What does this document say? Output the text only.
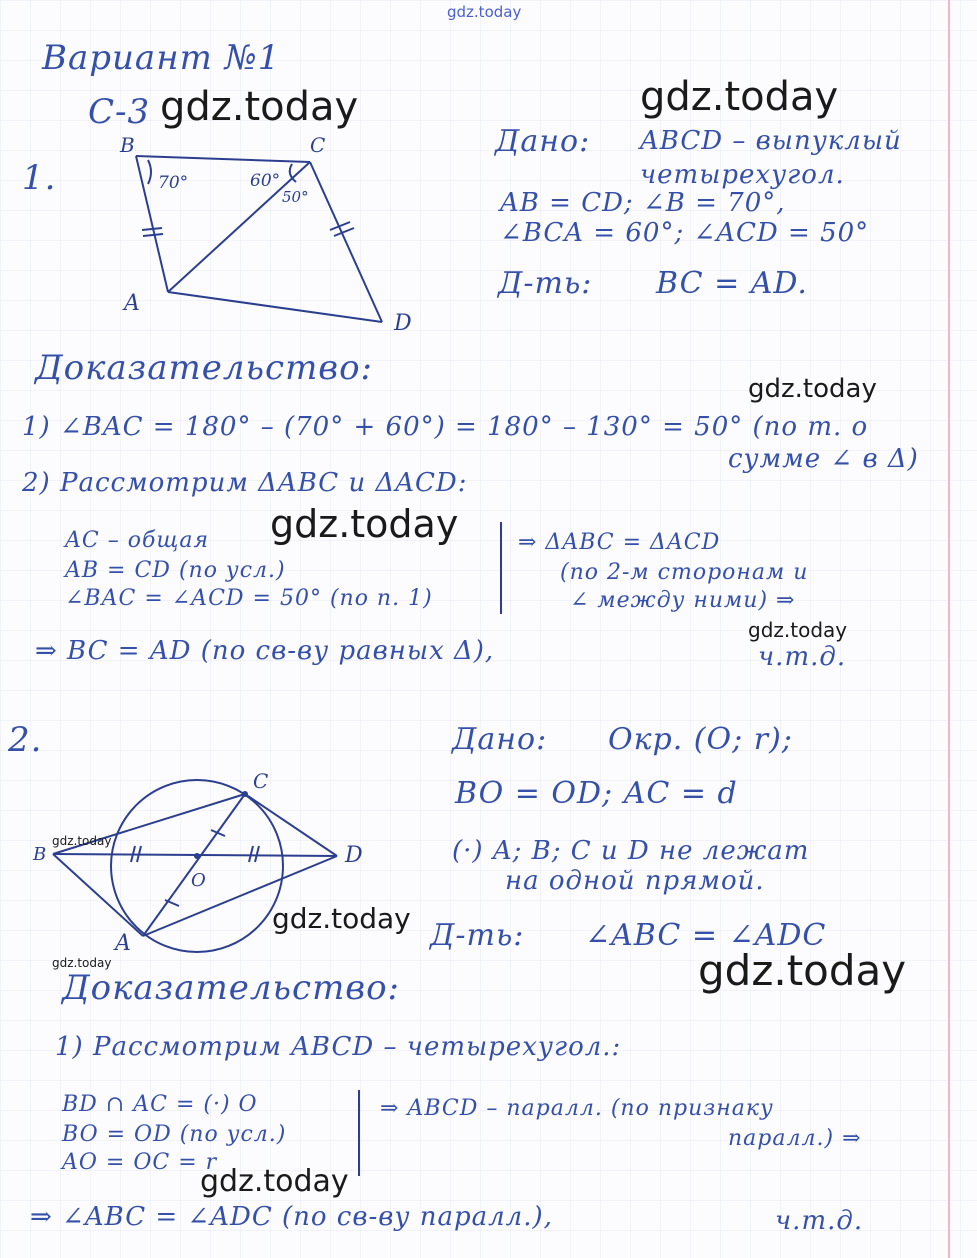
gdz.today
Вариант №1
С-3
1.
B	C
A
D
70°	60°
50°
Дано: ABCD – выпуклый
четырехугол.
AB = CD; ∠B = 70°,
∠BCA = 60°; ∠ACD = 50°
Д-ть: BC = AD.
Доказательство:
1) ∠BAC = 180° – (70° + 60°) = 180° – 130° = 50° (по т. о
сумме ∠ в Δ)
2) Рассмотрим ΔABC и ΔACD:
AC – общая
AB = CD (по усл.)
∠BAC = ∠ACD = 50° (по п. 1)
⇒ ΔABC = ΔACD
(по 2-м сторонам и
∠ между ними) ⇒
⇒ BC = AD (по св-ву равных Δ),	ч.т.д.
2.
B
C
A
D
O
Дано: Окр. (O; r);
BO = OD; AC = d
(·) A; B; C и D не лежат
на одной прямой.
Д-ть: ∠ABC = ∠ADC
Доказательство:
1) Рассмотрим ABCD – четырехугол.:
BD ∩ AC = (·) O
BO = OD (по усл.)
AO = OC = r
⇒ ABCD – паралл. (по признаку
паралл.) ⇒
⇒ ∠ABC = ∠ADC (по св-ву паралл.),	ч.т.д.
gdz.today	gdz.today
gdz.today
gdz.today
gdz.today
gdz.today
gdz.today
gdz.today	gdz.today
gdz.today
